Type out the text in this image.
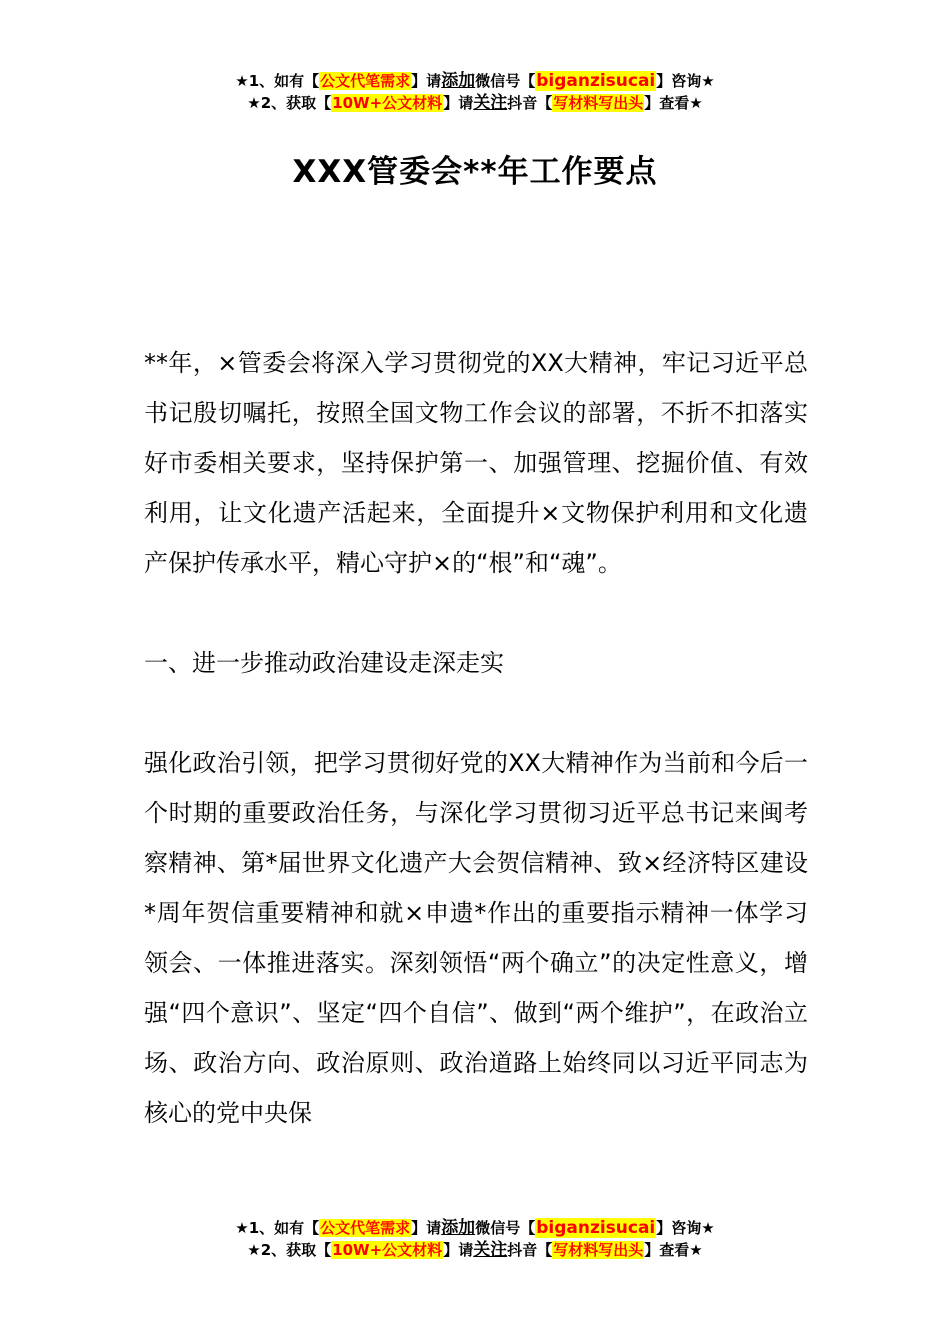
★1、如有【公文代笔需求】请添加微信号【biganzisucai】咨询★
★2、获取【10W+公文材料】请关注抖音【写材料写出头】查看★
XXX管委会**年工作要点

**年，×管委会将深入学习贯彻党的XX大精神，牢记习近平总书记殷切嘱托，按照全国文物工作会议的部署，不折不扣落实好市委相关要求，坚持保护第一、加强管理、挖掘价值、有效利用，让文化遗产活起来，全面提升×文物保护利用和文化遗产保护传承水平，精心守护×的“根”和“魂”。

一、进一步推动政治建设走深走实

强化政治引领，把学习贯彻好党的XX大精神作为当前和今后一个时期的重要政治任务，与深化学习贯彻习近平总书记来闽考察精神、第*届世界文化遗产大会贺信精神、致×经济特区建设*周年贺信重要精神和就×申遗*作出的重要指示精神一体学习领会、一体推进落实。深刻领悟“两个确立”的决定性意义，增强“四个意识”、坚定“四个自信”、做到“两个维护”，在政治立场、政治方向、政治原则、政治道路上始终同以习近平同志为核心的党中央保

★1、如有【公文代笔需求】请添加微信号【biganzisucai】咨询★
★2、获取【10W+公文材料】请关注抖音【写材料写出头】查看★
